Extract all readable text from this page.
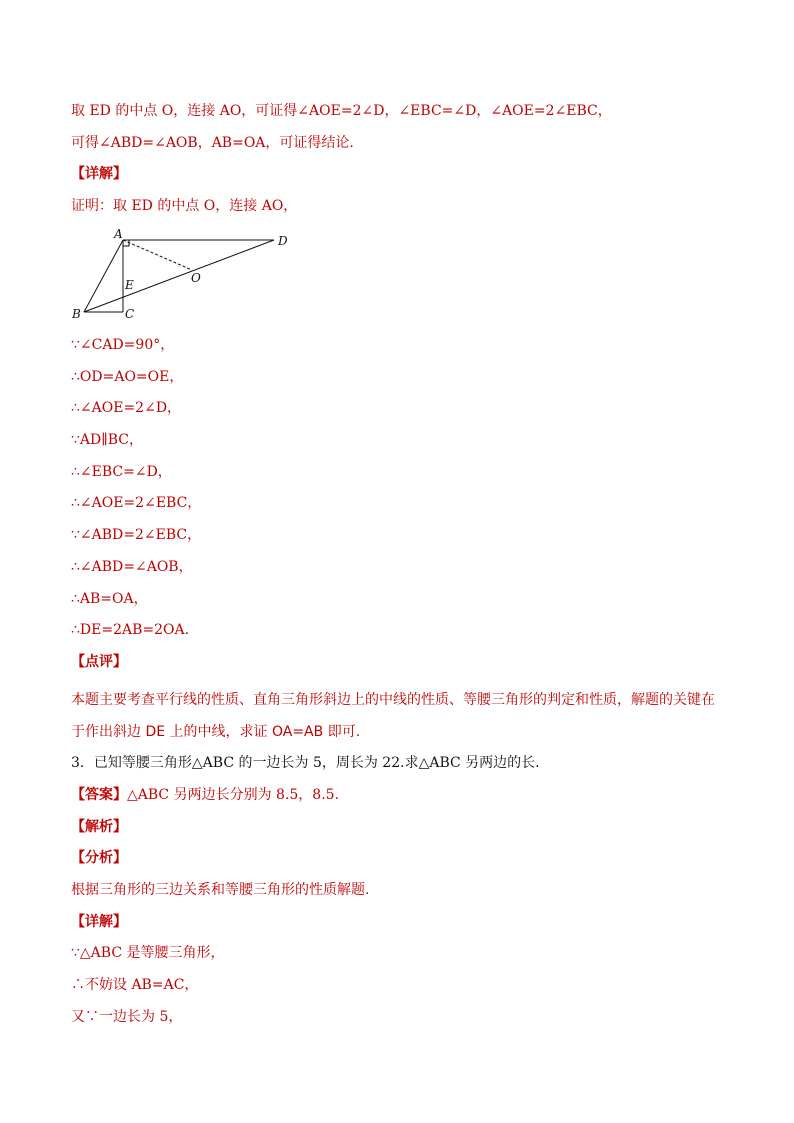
取 ED 的中点 O，连接 AO，可证得∠AOE=2∠D，∠EBC=∠D，∠AOE=2∠EBC，
可得∠ABD=∠AOB，AB=OA，可证得结论.
【详解】
证明：取 ED 的中点 O，连接 AO，
A	D
O
E
B	C
∵∠CAD=90°，
∴OD=AO=OE，
∴∠AOE=2∠D，
∵AD∥BC，
∴∠EBC=∠D，
∴∠AOE=2∠EBC，
∵∠ABD=2∠EBC，
∴∠ABD=∠AOB，
∴AB=OA，
∴DE=2AB=2OA．
【点评】
本题主要考查平行线的性质、直角三角形斜边上的中线的性质、等腰三角形的判定和性质，解题的关键在于作出斜边 DE 上的中线，求证 OA=AB 即可.
3．已知等腰三角形△ABC 的一边长为 5，周长为 22.求△ABC 另两边的长.
【答案】△ABC 另两边长分别为 8.5，8.5.
【解析】
【分析】
根据三角形的三边关系和等腰三角形的性质解题.
【详解】
∵△ABC 是等腰三角形，
∴不妨设 AB=AC，
又∵一边长为 5，
